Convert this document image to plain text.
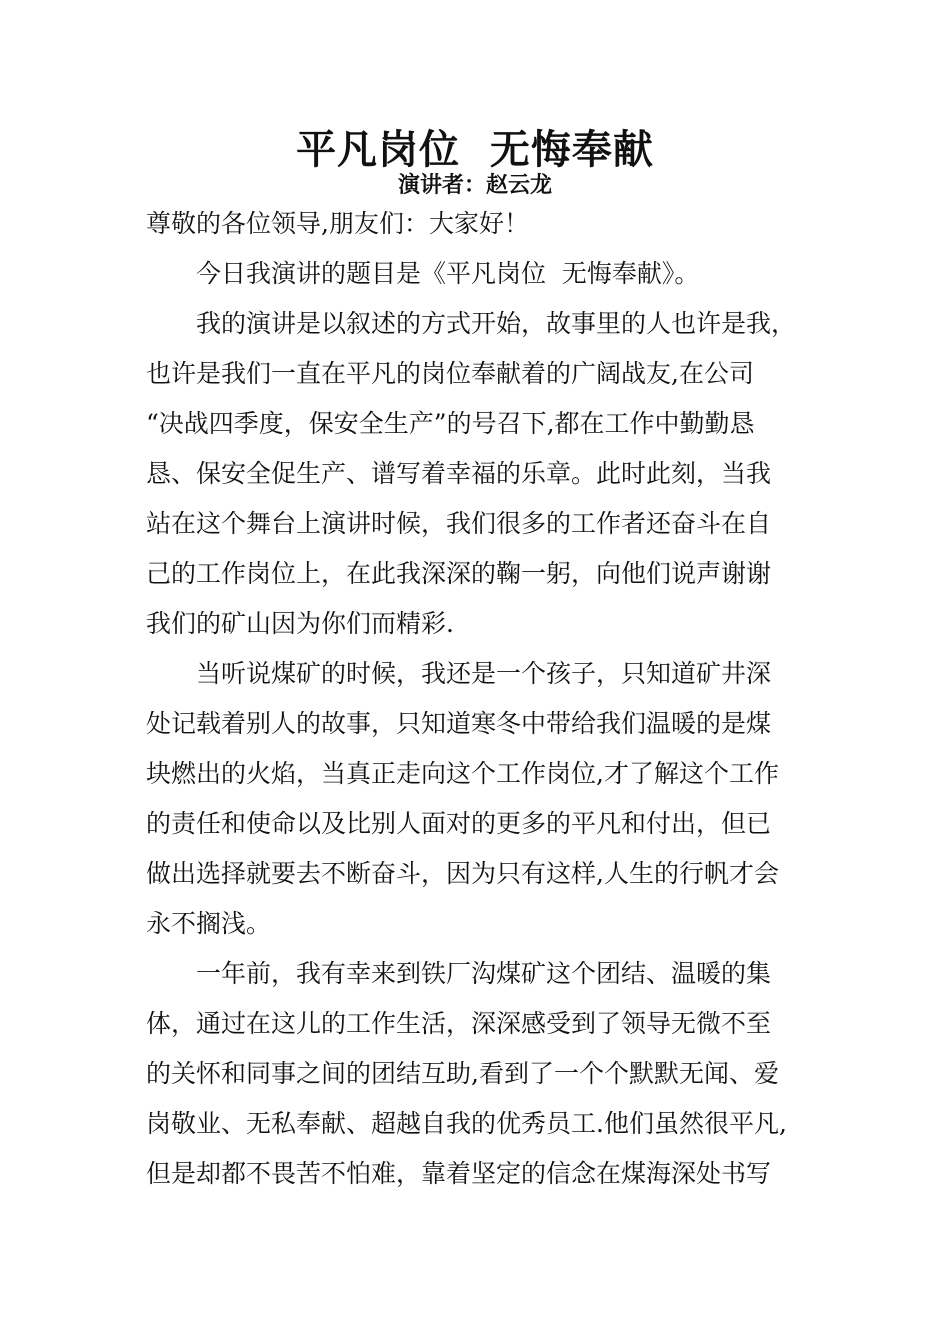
平凡岗位  无悔奉献
演讲者：赵云龙
尊敬的各位领导,朋友们：大家好！
今日我演讲的题目是《平凡岗位  无悔奉献》。
我的演讲是以叙述的方式开始，故事里的人也许是我，
也许是我们一直在平凡的岗位奉献着的广阔战友,在公司
“决战四季度，保安全生产”的号召下,都在工作中勤勤恳
恳、保安全促生产、谱写着幸福的乐章。此时此刻，当我
站在这个舞台上演讲时候，我们很多的工作者还奋斗在自
己的工作岗位上，在此我深深的鞠一躬，向他们说声谢谢
我们的矿山因为你们而精彩.
当听说煤矿的时候，我还是一个孩子，只知道矿井深
处记载着别人的故事，只知道寒冬中带给我们温暖的是煤
块燃出的火焰，当真正走向这个工作岗位,才了解这个工作
的责任和使命以及比别人面对的更多的平凡和付出，但已
做出选择就要去不断奋斗，因为只有这样,人生的行帆才会
永不搁浅。
一年前，我有幸来到铁厂沟煤矿这个团结、温暖的集
体，通过在这儿的工作生活，深深感受到了领导无微不至
的关怀和同事之间的团结互助,看到了一个个默默无闻、爱
岗敬业、无私奉献、超越自我的优秀员工.他们虽然很平凡,
但是却都不畏苦不怕难，靠着坚定的信念在煤海深处书写
